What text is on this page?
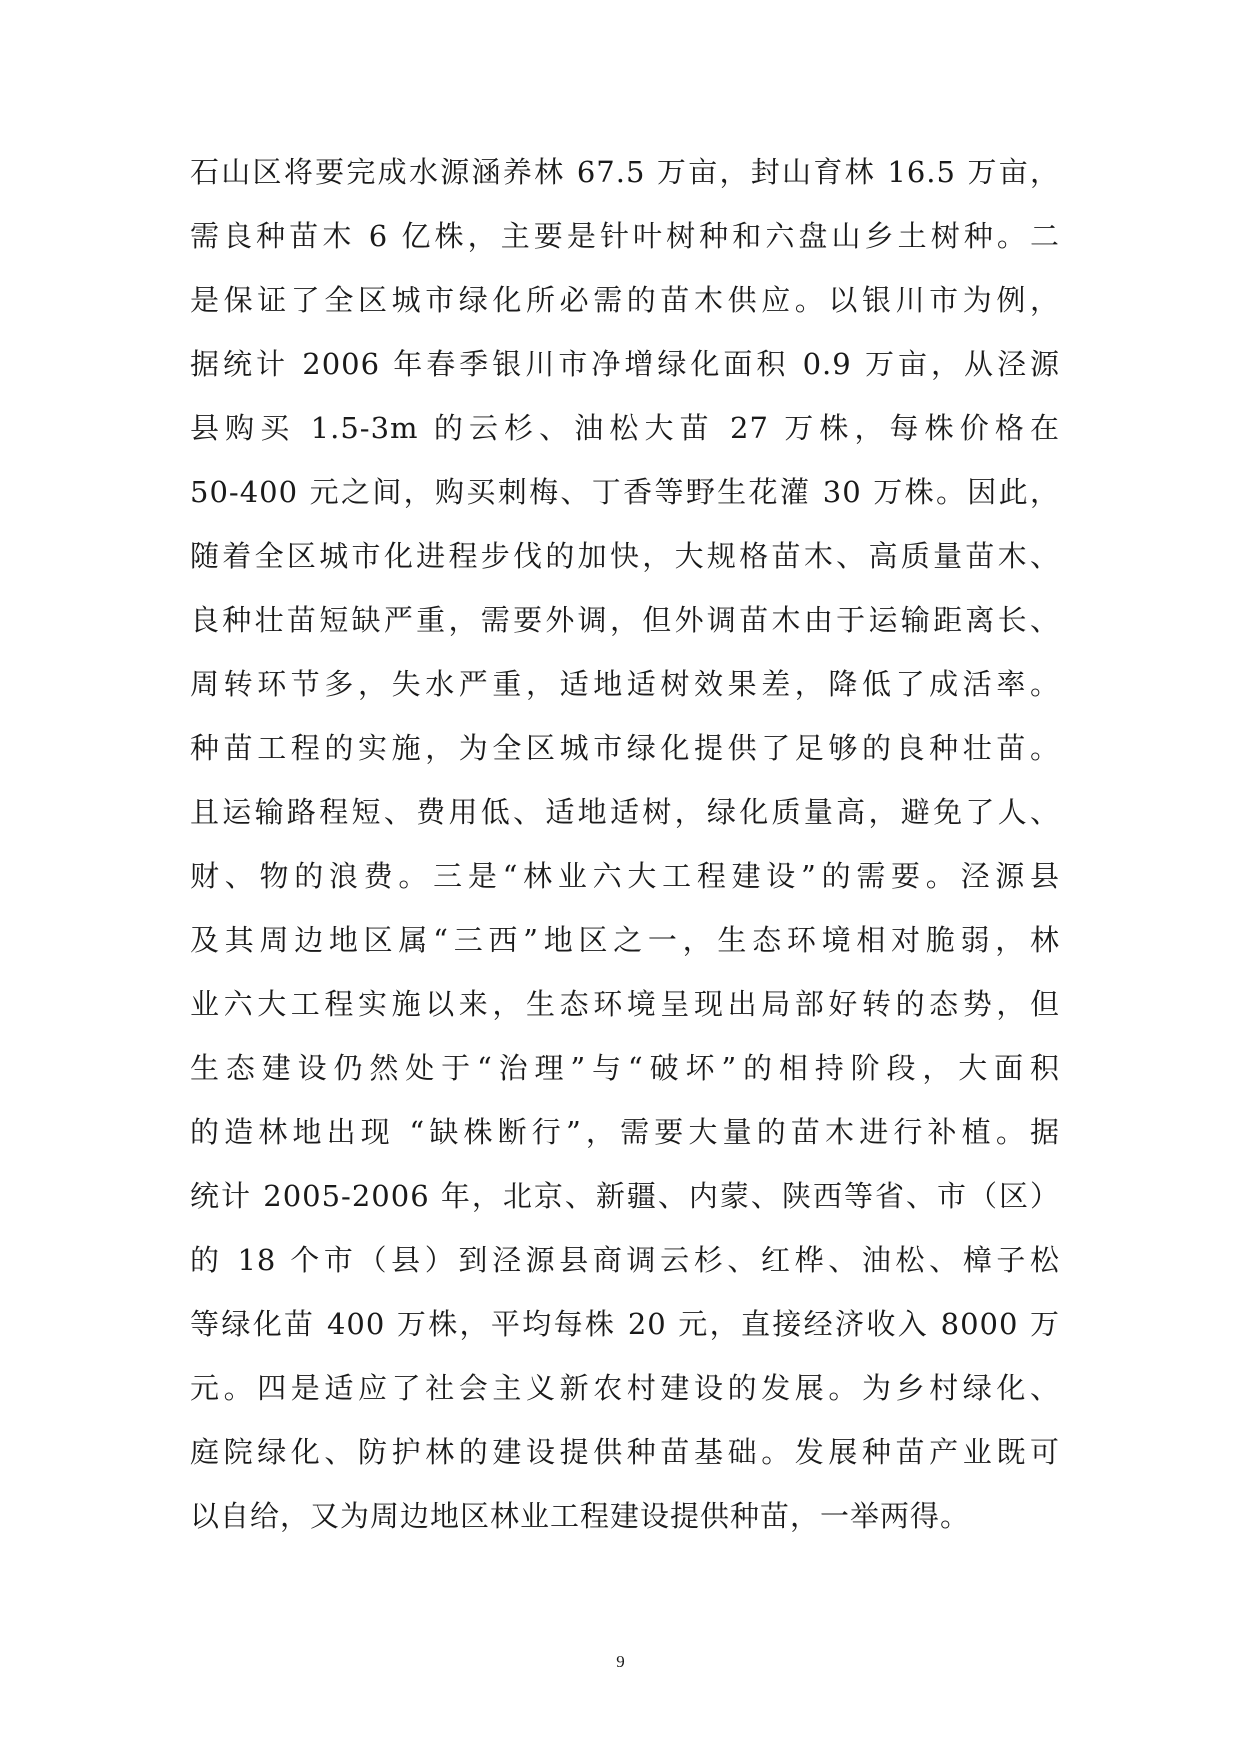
石山区将要完成水源涵养林 67.5 万亩，封山育林 16.5 万亩，
需良种苗木 6 亿株，主要是针叶树种和六盘山乡土树种。二
是保证了全区城市绿化所必需的苗木供应。以银川市为例，
据统计 2006 年春季银川市净增绿化面积 0.9 万亩，从泾源
县购买 1.5-3m 的云杉、油松大苗 27 万株，每株价格在
50-400 元之间，购买刺梅、丁香等野生花灌 30 万株。因此，
随着全区城市化进程步伐的加快，大规格苗木、高质量苗木、
良种壮苗短缺严重，需要外调，但外调苗木由于运输距离长、
周转环节多，失水严重，适地适树效果差，降低了成活率。
种苗工程的实施，为全区城市绿化提供了足够的良种壮苗。
且运输路程短、费用低、适地适树，绿化质量高，避免了人、
财、物的浪费。三是“林业六大工程建设”的需要。泾源县
及其周边地区属“三西”地区之一，生态环境相对脆弱，林
业六大工程实施以来，生态环境呈现出局部好转的态势，但
生态建设仍然处于“治理”与“破坏”的相持阶段，大面积
的造林地出现 “缺株断行”，需要大量的苗木进行补植。据
统计 2005-2006 年，北京、新疆、内蒙、陕西等省、市（区）
的 18 个市（县）到泾源县商调云杉、红桦、油松、樟子松
等绿化苗 400 万株，平均每株 20 元，直接经济收入 8000 万
元。四是适应了社会主义新农村建设的发展。为乡村绿化、
庭院绿化、防护林的建设提供种苗基础。发展种苗产业既可
以自给，又为周边地区林业工程建设提供种苗，一举两得。
9
